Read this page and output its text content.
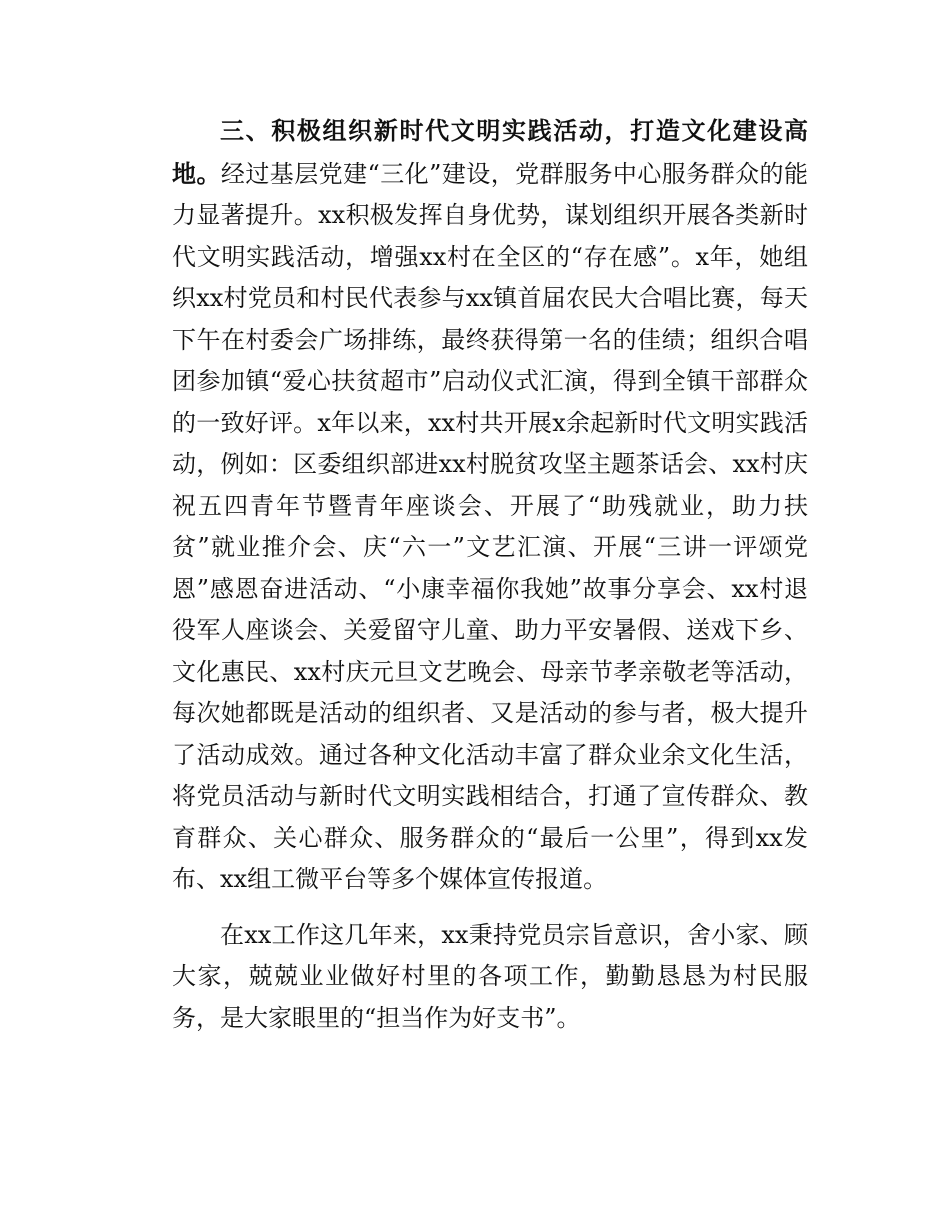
三、积极组织新时代文明实践活动，打造文化建设高地。经过基层党建“三化”建设，党群服务中心服务群众的能力显著提升。xx积极发挥自身优势，谋划组织开展各类新时代文明实践活动，增强xx村在全区的“存在感”。x年，她组织xx村党员和村民代表参与xx镇首届农民大合唱比赛，每天下午在村委会广场排练，最终获得第一名的佳绩；组织合唱团参加镇“爱心扶贫超市”启动仪式汇演，得到全镇干部群众的一致好评。x年以来，xx村共开展x余起新时代文明实践活动，例如：区委组织部进xx村脱贫攻坚主题茶话会、xx村庆祝五四青年节暨青年座谈会、开展了“助残就业，助力扶贫”就业推介会、庆“六一”文艺汇演、开展“三讲一评颂党恩”感恩奋进活动、“小康幸福你我她”故事分享会、xx村退役军人座谈会、关爱留守儿童、助力平安暑假、送戏下乡、文化惠民、xx村庆元旦文艺晚会、母亲节孝亲敬老等活动，每次她都既是活动的组织者、又是活动的参与者，极大提升了活动成效。通过各种文化活动丰富了群众业余文化生活，将党员活动与新时代文明实践相结合，打通了宣传群众、教育群众、关心群众、服务群众的“最后一公里”，得到xx发布、xx组工微平台等多个媒体宣传报道。

在xx工作这几年来，xx秉持党员宗旨意识，舍小家、顾大家，兢兢业业做好村里的各项工作，勤勤恳恳为村民服务，是大家眼里的“担当作为好支书”。
